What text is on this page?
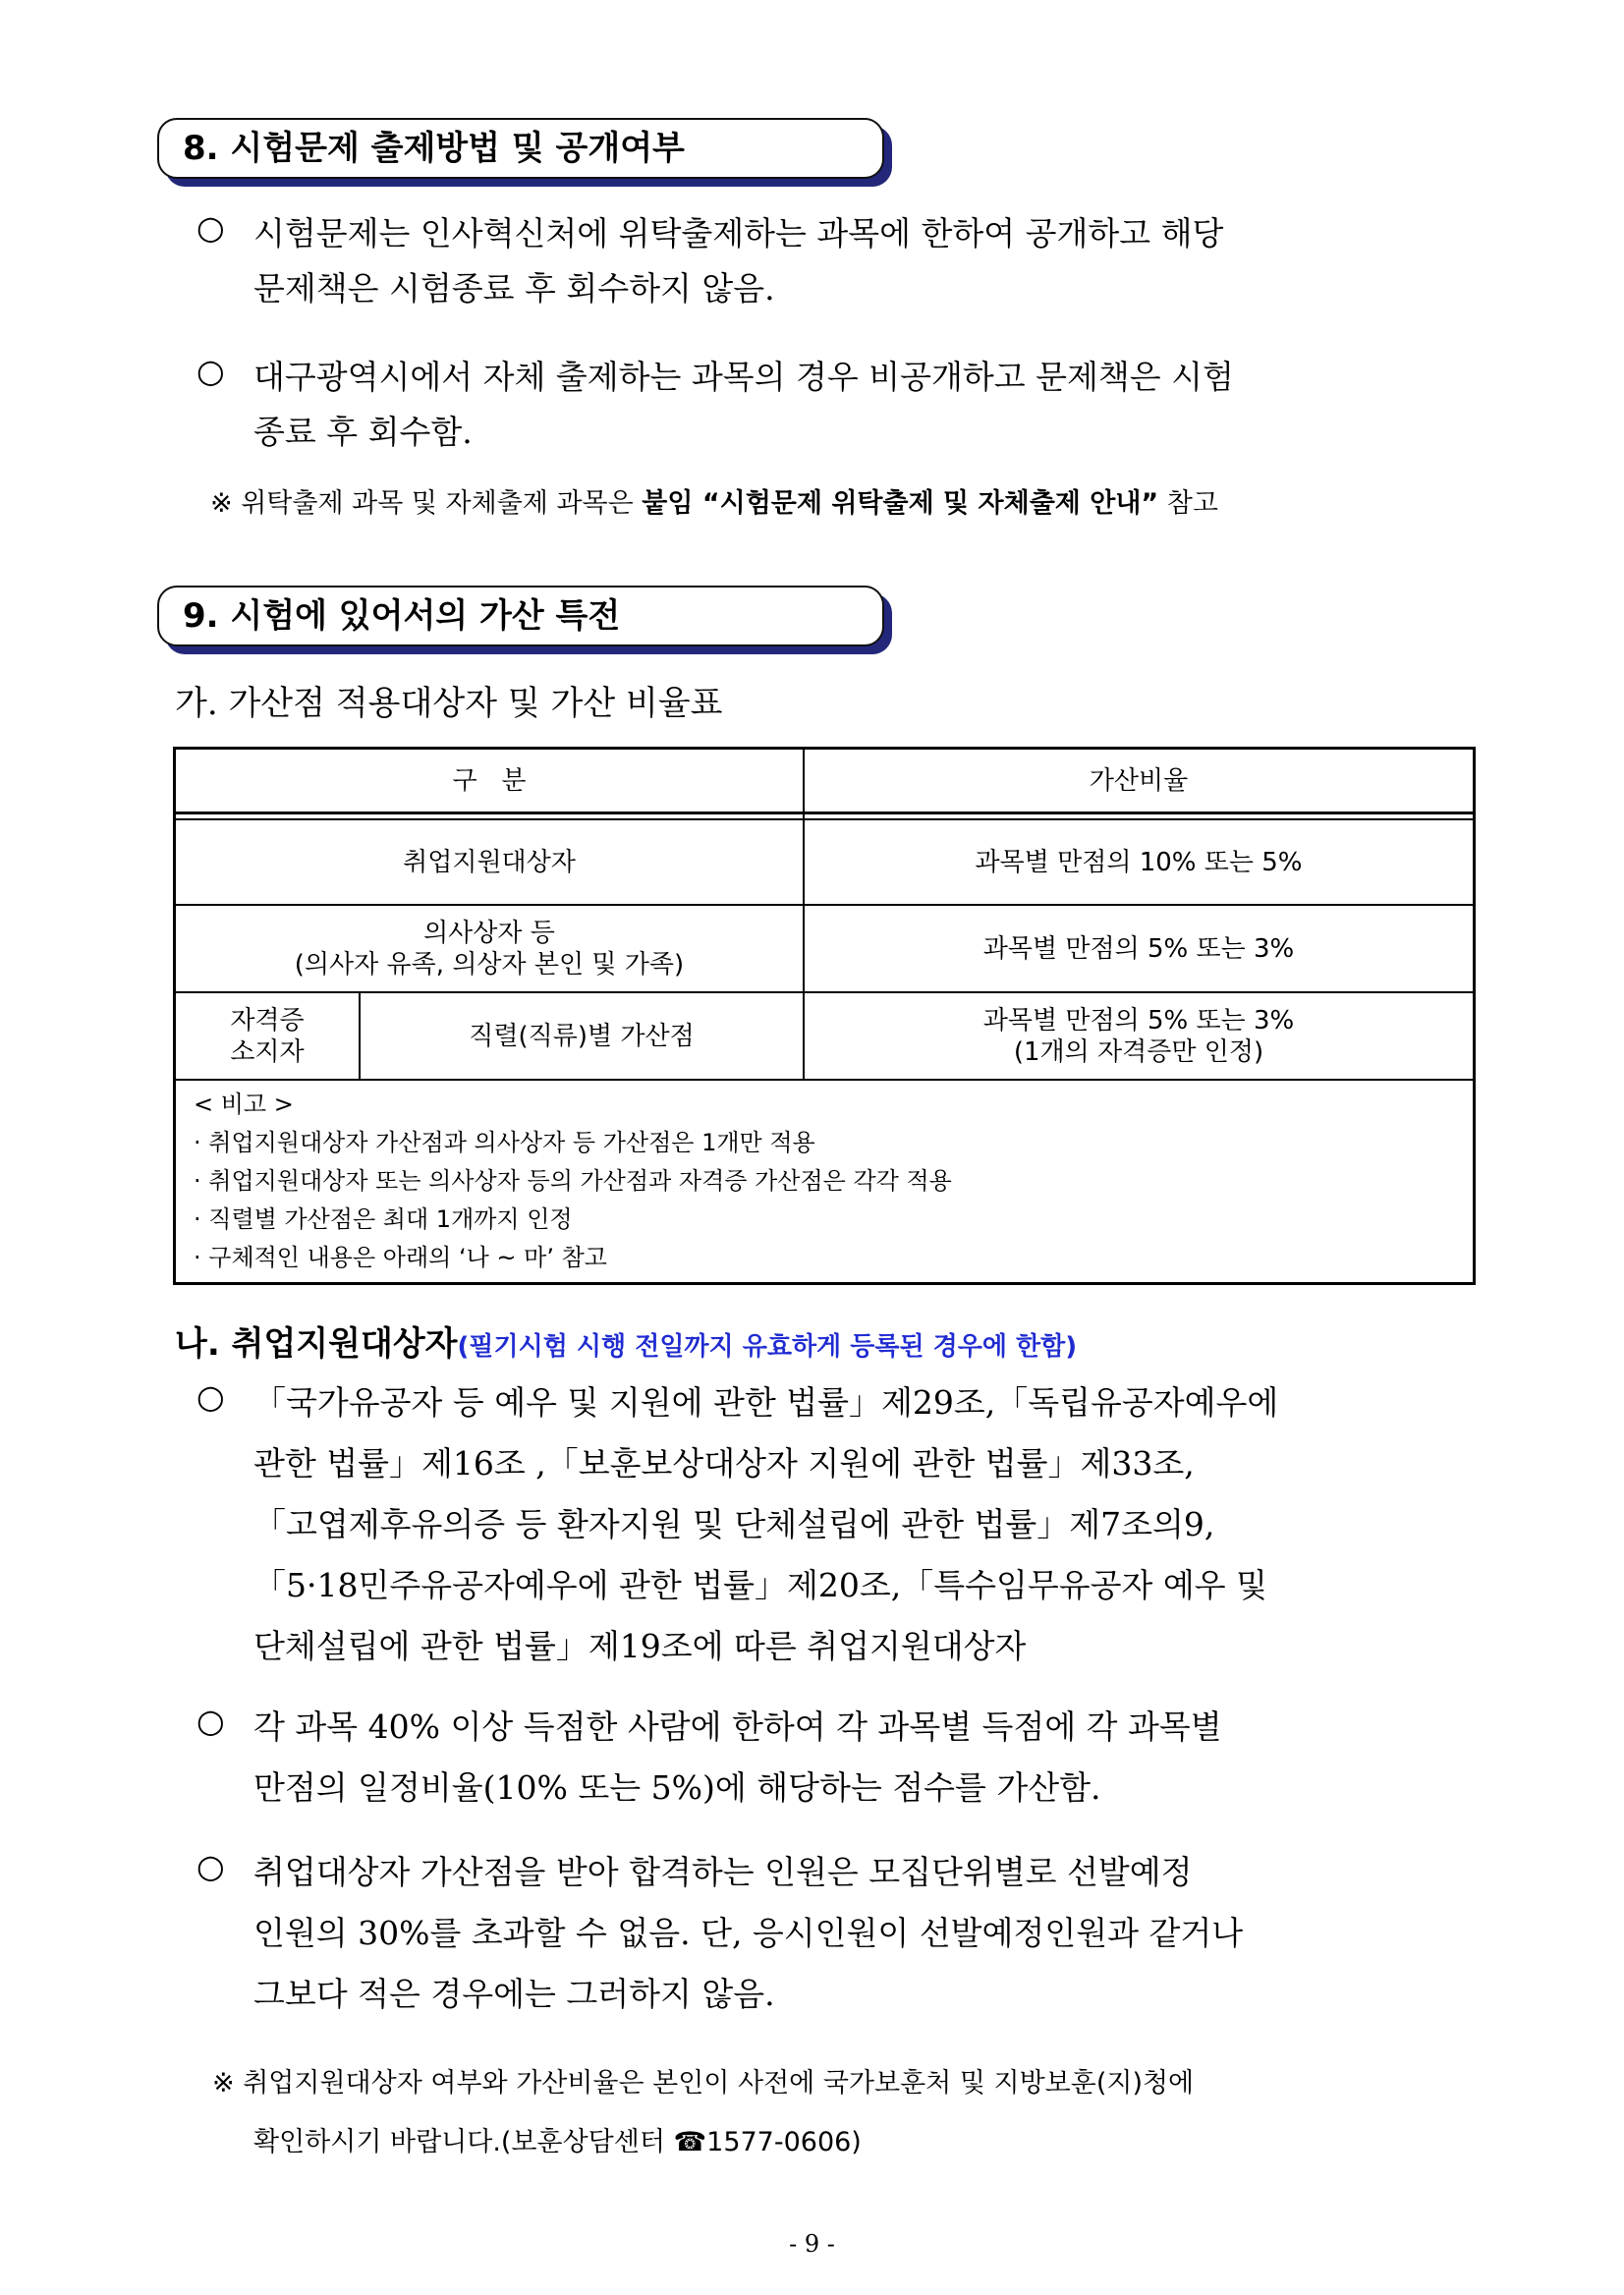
8. 시험문제 출제방법 및 공개여부
○ 시험문제는 인사혁신처에 위탁출제하는 과목에 한하여 공개하고 해당
문제책은 시험종료 후 회수하지 않음.
○ 대구광역시에서 자체 출제하는 과목의 경우 비공개하고 문제책은 시험
종료 후 회수함.
※ 위탁출제 과목 및 자체출제 과목은 붙임 “시험문제 위탁출제 및 자체출제 안내” 참고
9. 시험에 있어서의 가산 특전
가. 가산점 적용대상자 및 가산 비율표
구   분	가산비율
취업지원대상자	과목별 만점의 10% 또는 5%
의사상자 등
(의사자 유족, 의상자 본인 및 가족)
과목별 만점의 5% 또는 3%
자격증
소지자
직렬(직류)별 가산점
과목별 만점의 5% 또는 3%
(1개의 자격증만 인정)
< 비고 >
· 취업지원대상자 가산점과 의사상자 등 가산점은 1개만 적용
· 취업지원대상자 또는 의사상자 등의 가산점과 자격증 가산점은 각각 적용
· 직렬별 가산점은 최대 1개까지 인정
· 구체적인 내용은 아래의 ‘나 ~ 마’ 참고
나. 취업지원대상자(필기시험 시행 전일까지 유효하게 등록된 경우에 한함)
○ 「국가유공자 등 예우 및 지원에 관한 법률」제29조,「독립유공자예우에
관한 법률」제16조 ,「보훈보상대상자 지원에 관한 법률」제33조,
「고엽제후유의증 등 환자지원 및 단체설립에 관한 법률」제7조의9,
「5·18민주유공자예우에 관한 법률」제20조,「특수임무유공자 예우 및
단체설립에 관한 법률」제19조에 따른 취업지원대상자
○ 각 과목 40% 이상 득점한 사람에 한하여 각 과목별 득점에 각 과목별
만점의 일정비율(10% 또는 5%)에 해당하는 점수를 가산함.
○ 취업대상자 가산점을 받아 합격하는 인원은 모집단위별로 선발예정
인원의 30%를 초과할 수 없음. 단, 응시인원이 선발예정인원과 같거나
그보다 적은 경우에는 그러하지 않음.
※ 취업지원대상자 여부와 가산비율은 본인이 사전에 국가보훈처 및 지방보훈(지)청에
확인하시기 바랍니다.(보훈상담센터 ☎1577-0606)
- 9 -
